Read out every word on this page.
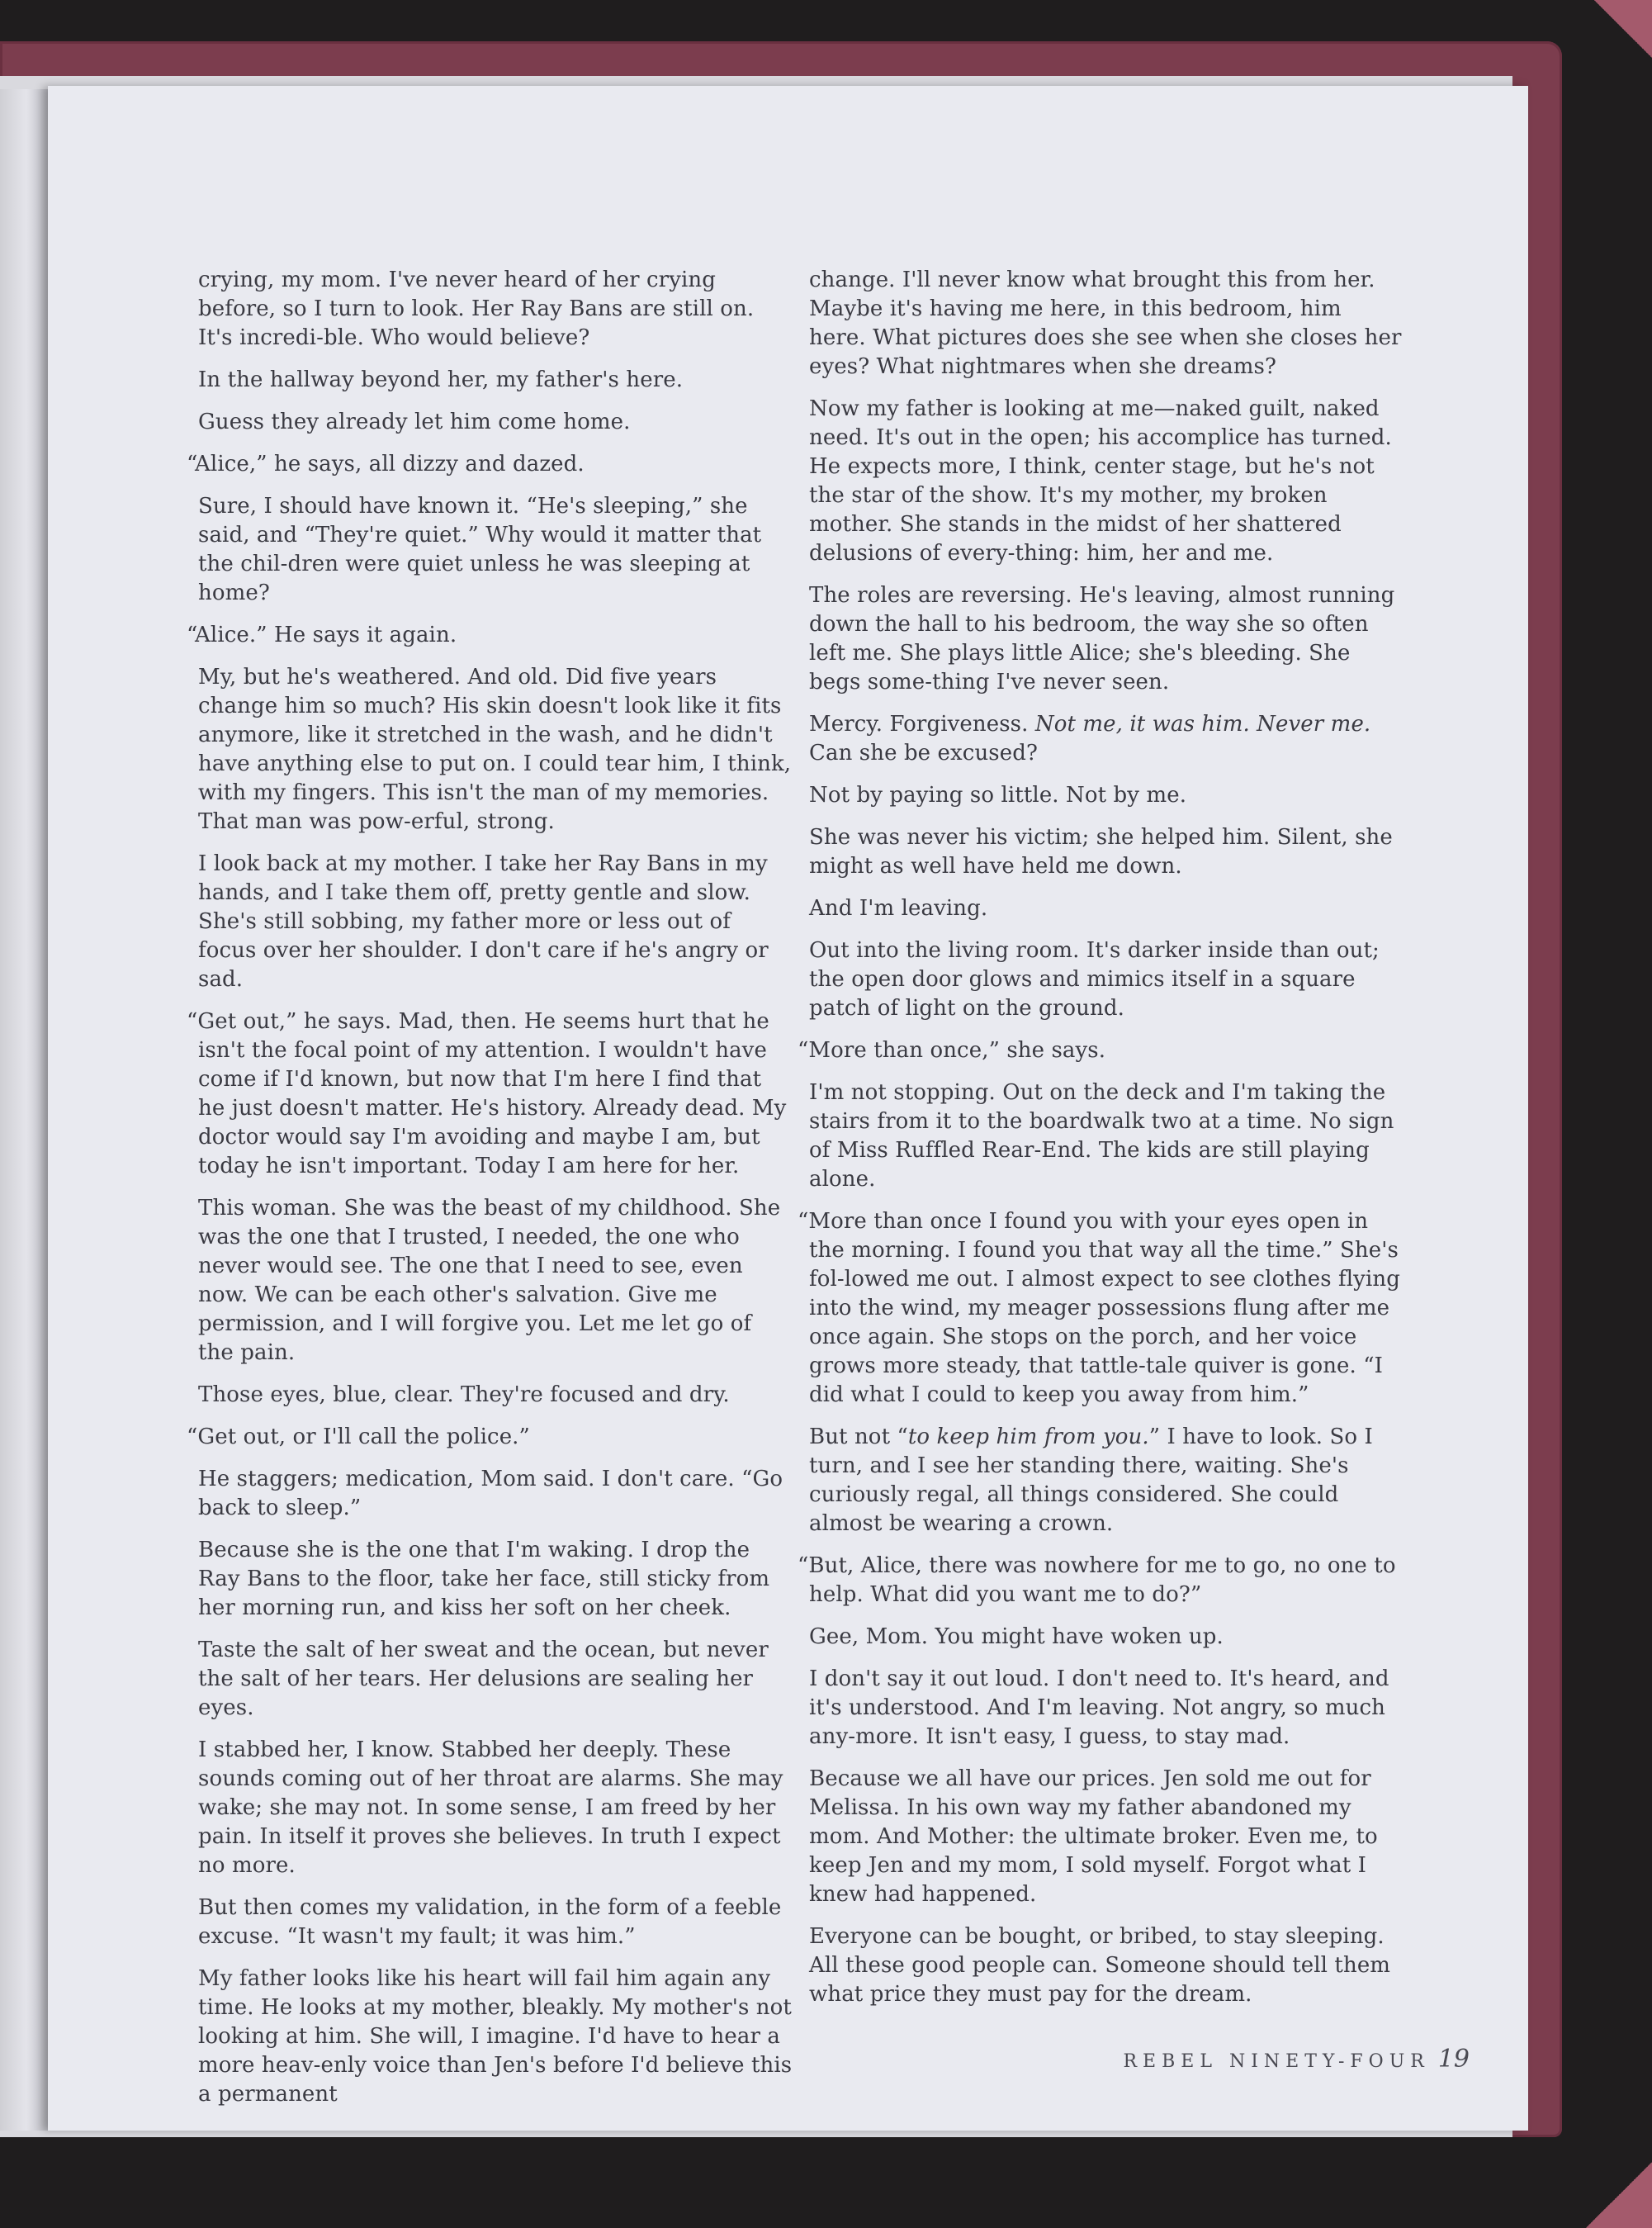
crying, my mom. I've never heard of her crying before, so I turn to look. Her Ray Bans are still on. It's incredi-ble. Who would believe?

In the hallway beyond her, my father's here.

Guess they already let him come home.

“Alice,” he says, all dizzy and dazed.

Sure, I should have known it. “He's sleeping,” she said, and “They're quiet.” Why would it matter that the chil-dren were quiet unless he was sleeping at home?

“Alice.” He says it again.

My, but he's weathered. And old. Did five years change him so much? His skin doesn't look like it fits anymore, like it stretched in the wash, and he didn't have anything else to put on. I could tear him, I think, with my fingers. This isn't the man of my memories. That man was pow-erful, strong.

I look back at my mother. I take her Ray Bans in my hands, and I take them off, pretty gentle and slow. She's still sobbing, my father more or less out of focus over her shoulder. I don't care if he's angry or sad.

“Get out,” he says. Mad, then. He seems hurt that he isn't the focal point of my attention. I wouldn't have come if I'd known, but now that I'm here I find that he just doesn't matter. He's history. Already dead. My doctor would say I'm avoiding and maybe I am, but today he isn't important. Today I am here for her.

This woman. She was the beast of my childhood. She was the one that I trusted, I needed, the one who never would see. The one that I need to see, even now. We can be each other's salvation. Give me permission, and I will forgive you. Let me let go of the pain.

Those eyes, blue, clear. They're focused and dry.

“Get out, or I'll call the police.”

He staggers; medication, Mom said. I don't care. “Go back to sleep.”

Because she is the one that I'm waking. I drop the Ray Bans to the floor, take her face, still sticky from her morning run, and kiss her soft on her cheek.

Taste the salt of her sweat and the ocean, but never the salt of her tears. Her delusions are sealing her eyes.

I stabbed her, I know. Stabbed her deeply. These sounds coming out of her throat are alarms. She may wake; she may not. In some sense, I am freed by her pain. In itself it proves she believes. In truth I expect no more.

But then comes my validation, in the form of a feeble excuse. “It wasn't my fault; it was him.”

My father looks like his heart will fail him again any time. He looks at my mother, bleakly. My mother's not looking at him. She will, I imagine. I'd have to hear a more heav-enly voice than Jen's before I'd believe this a permanent

change. I'll never know what brought this from her. Maybe it's having me here, in this bedroom, him here. What pictures does she see when she closes her eyes? What nightmares when she dreams?

Now my father is looking at me—naked guilt, naked need. It's out in the open; his accomplice has turned. He expects more, I think, center stage, but he's not the star of the show. It's my mother, my broken mother. She stands in the midst of her shattered delusions of every-thing: him, her and me.

The roles are reversing. He's leaving, almost running down the hall to his bedroom, the way she so often left me. She plays little Alice; she's bleeding. She begs some-thing I've never seen.

Mercy. Forgiveness. Not me, it was him. Never me. Can she be excused?

Not by paying so little. Not by me.

She was never his victim; she helped him. Silent, she might as well have held me down.

And I'm leaving.

Out into the living room. It's darker inside than out; the open door glows and mimics itself in a square patch of light on the ground.

“More than once,” she says.

I'm not stopping. Out on the deck and I'm taking the stairs from it to the boardwalk two at a time. No sign of Miss Ruffled Rear-End. The kids are still playing alone.

“More than once I found you with your eyes open in the morning. I found you that way all the time.” She's fol-lowed me out. I almost expect to see clothes flying into the wind, my meager possessions flung after me once again. She stops on the porch, and her voice grows more steady, that tattle-tale quiver is gone. “I did what I could to keep you away from him.”

But not “to keep him from you.” I have to look. So I turn, and I see her standing there, waiting. She's curiously regal, all things considered. She could almost be wearing a crown.

“But, Alice, there was nowhere for me to go, no one to help. What did you want me to do?”

Gee, Mom. You might have woken up.

I don't say it out loud. I don't need to. It's heard, and it's understood. And I'm leaving. Not angry, so much any-more. It isn't easy, I guess, to stay mad.

Because we all have our prices. Jen sold me out for Melissa. In his own way my father abandoned my mom. And Mother: the ultimate broker. Even me, to keep Jen and my mom, I sold myself. Forgot what I knew had happened.

Everyone can be bought, or bribed, to stay sleeping. All these good people can. Someone should tell them what price they must pay for the dream.

REBEL NINETY-FOUR 19
